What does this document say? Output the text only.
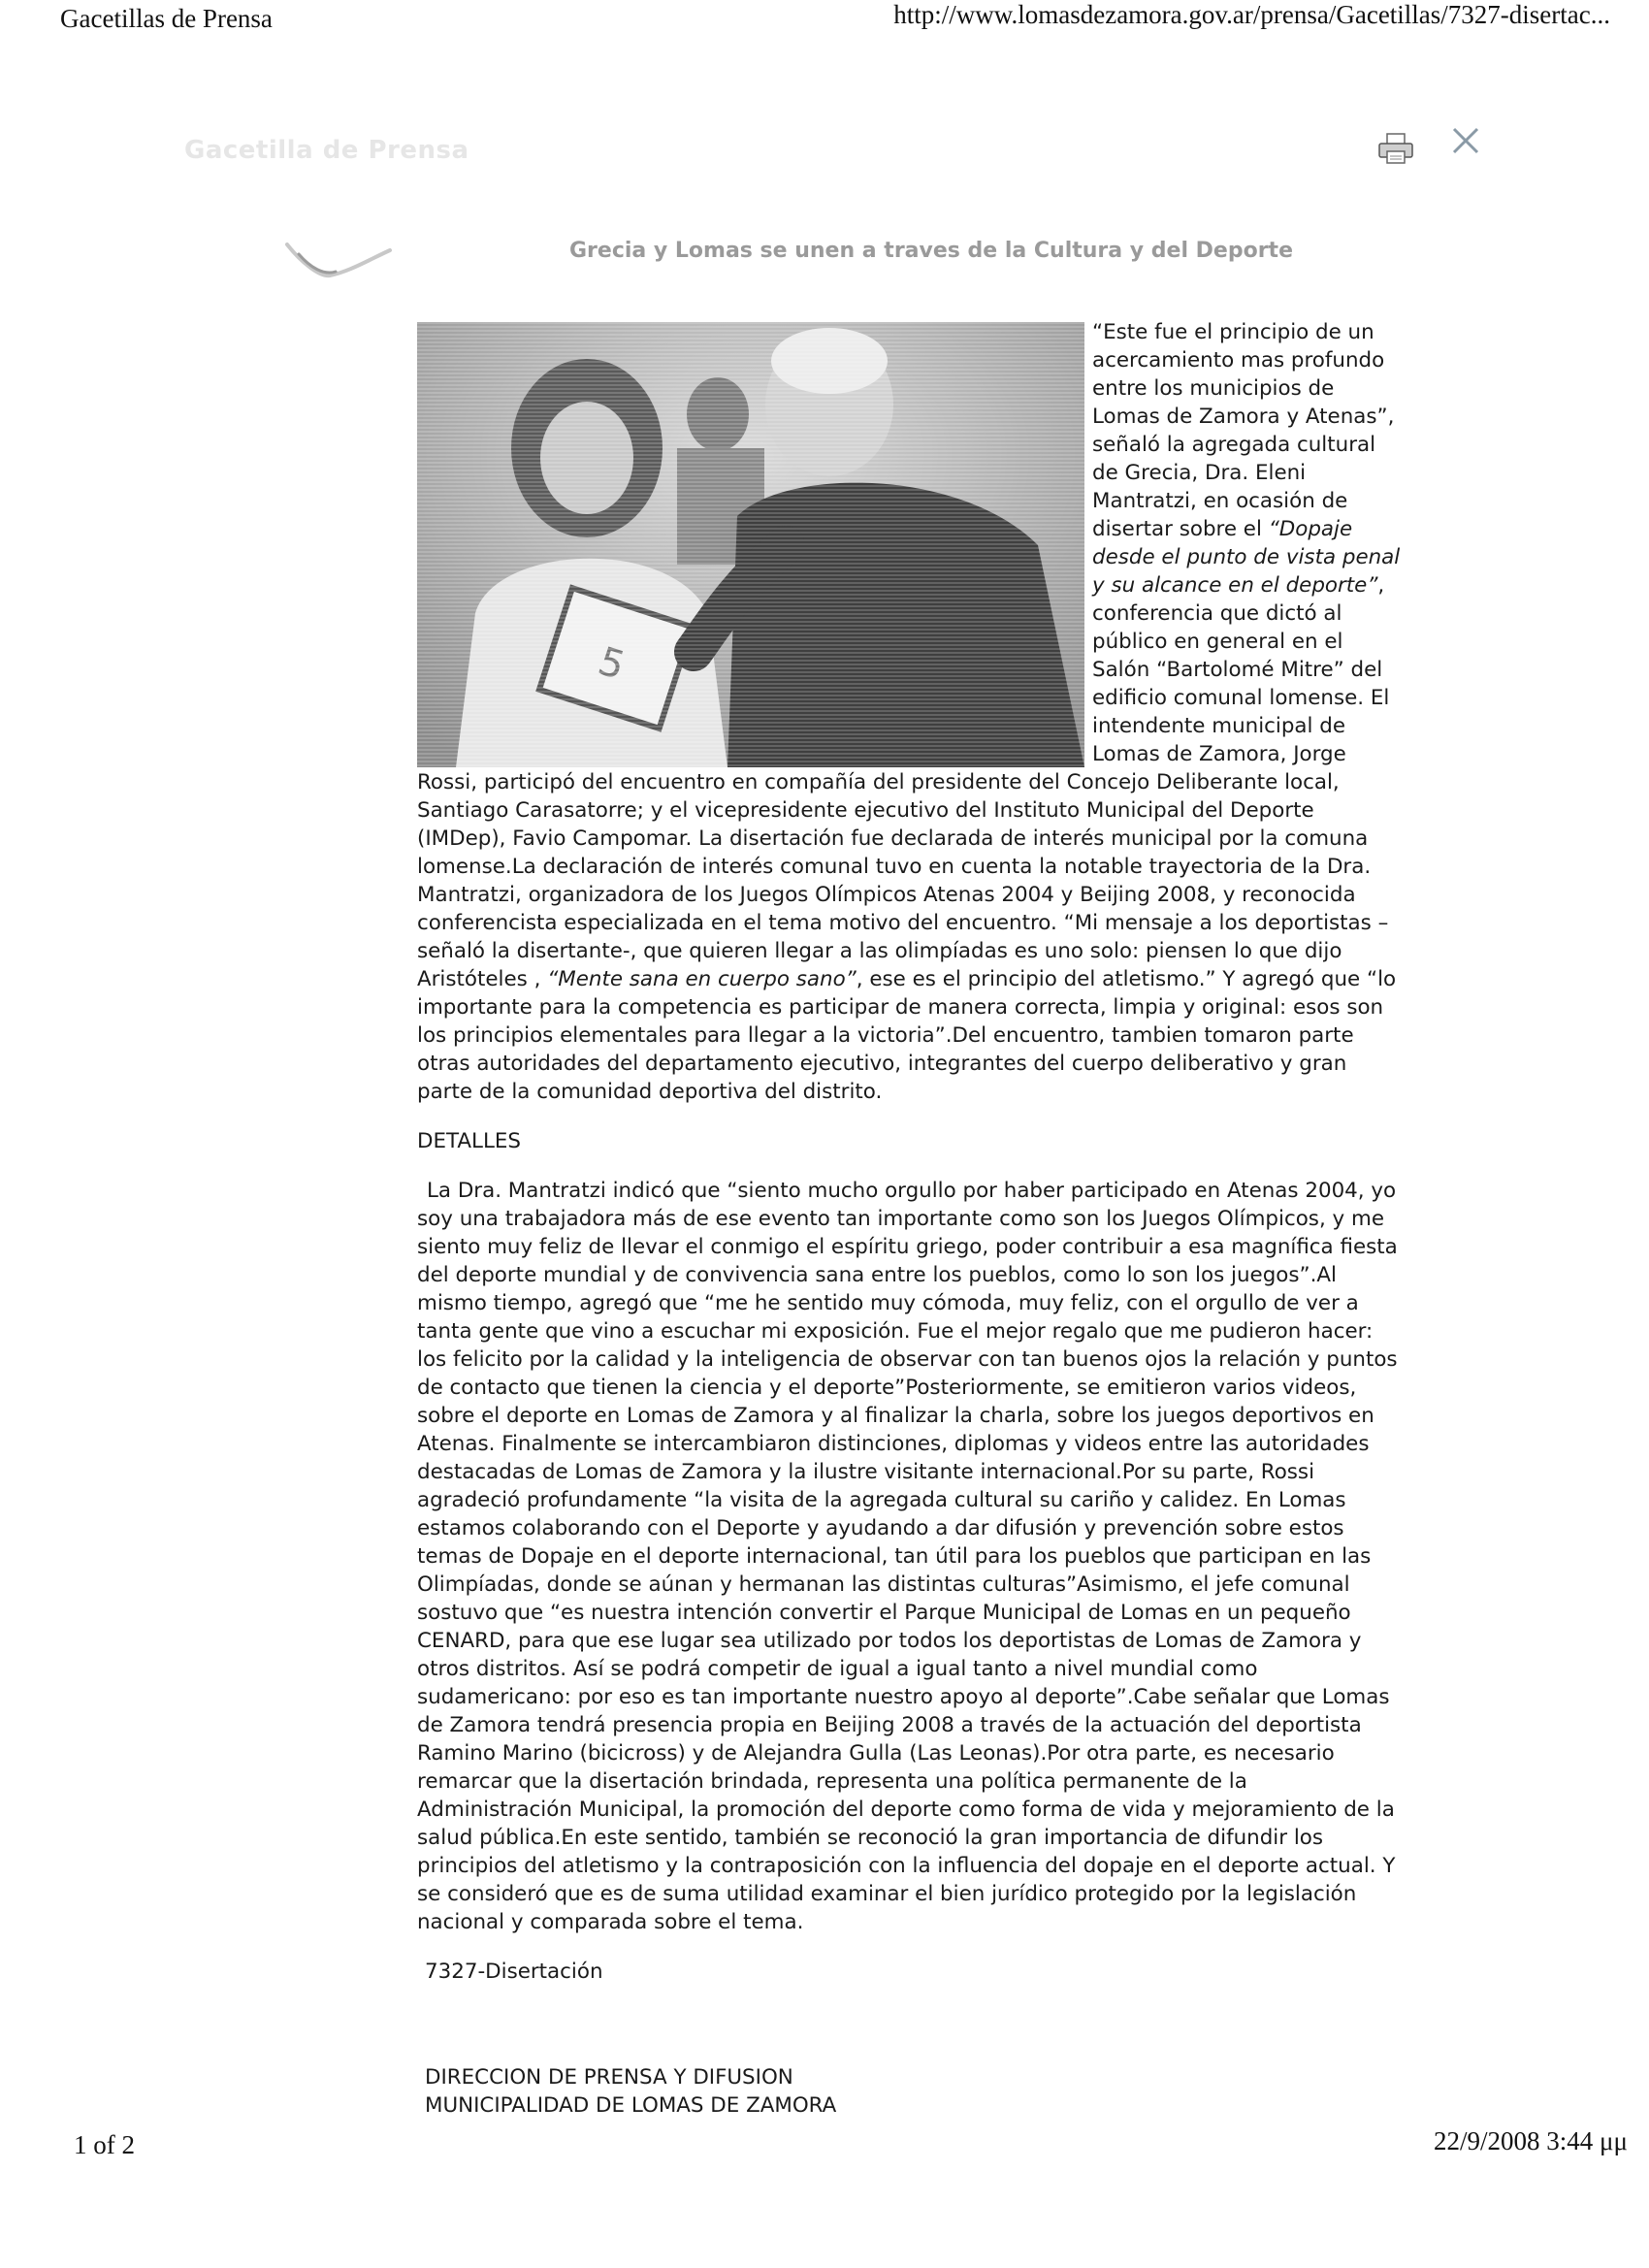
Gacetillas de Prensa	http://www.lomasdezamora.gov.ar/prensa/Gacetillas/7327-disertac...
Gacetilla de Prensa
Grecia y Lomas se unen a traves de la Cultura y del Deporte

“Este fue el principio de un acercamiento mas profundo entre los municipios de Lomas de Zamora y Atenas”, señaló la agregada cultural de Grecia, Dra. Eleni Mantratzi, en ocasión de disertar sobre el “Dopaje desde el punto de vista penal y su alcance en el deporte”, conferencia que dictó al público en general en el Salón “Bartolomé Mitre” del edificio comunal lomense. El intendente municipal de Lomas de Zamora, Jorge Rossi, participó del encuentro en compañía del presidente del Concejo Deliberante local, Santiago Carasatorre; y el vicepresidente ejecutivo del Instituto Municipal del Deporte (IMDep), Favio Campomar. La disertación fue declarada de interés municipal por la comuna lomense.La declaración de interés comunal tuvo en cuenta la notable trayectoria de la Dra. Mantratzi, organizadora de los Juegos Olímpicos Atenas 2004 y Beijing 2008, y reconocida conferencista especializada en el tema motivo del encuentro. “Mi mensaje a los deportistas –señaló la disertante-, que quieren llegar a las olimpíadas es uno solo: piensen lo que dijo Aristóteles , “Mente sana en cuerpo sano”, ese es el principio del atletismo.” Y agregó que “lo importante para la competencia es participar de manera correcta, limpia y original: esos son los principios elementales para llegar a la victoria”.Del encuentro, tambien tomaron parte otras autoridades del departamento ejecutivo, integrantes del cuerpo deliberativo y gran parte de la comunidad deportiva del distrito.

DETALLES

La Dra. Mantratzi indicó que “siento mucho orgullo por haber participado en Atenas 2004, yo soy una trabajadora más de ese evento tan importante como son los Juegos Olímpicos, y me siento muy feliz de llevar el conmigo el espíritu griego, poder contribuir a esa magnífica fiesta del deporte mundial y de convivencia sana entre los pueblos, como lo son los juegos”.Al mismo tiempo, agregó que “me he sentido muy cómoda, muy feliz, con el orgullo de ver a tanta gente que vino a escuchar mi exposición. Fue el mejor regalo que me pudieron hacer: los felicito por la calidad y la inteligencia de observar con tan buenos ojos la relación y puntos de contacto que tienen la ciencia y el deporte”Posteriormente, se emitieron varios videos, sobre el deporte en Lomas de Zamora y al finalizar la charla, sobre los juegos deportivos en Atenas. Finalmente se intercambiaron distinciones, diplomas y videos entre las autoridades destacadas de Lomas de Zamora y la ilustre visitante internacional.Por su parte, Rossi agradeció profundamente “la visita de la agregada cultural su cariño y calidez. En Lomas estamos colaborando con el Deporte y ayudando a dar difusión y prevención sobre estos temas de Dopaje en el deporte internacional, tan útil para los pueblos que participan en las Olimpíadas, donde se aúnan y hermanan las distintas culturas”Asimismo, el jefe comunal sostuvo que “es nuestra intención convertir el Parque Municipal de Lomas en un pequeño CENARD, para que ese lugar sea utilizado por todos los deportistas de Lomas de Zamora y otros distritos. Así se podrá competir de igual a igual tanto a nivel mundial como sudamericano: por eso es tan importante nuestro apoyo al deporte”.Cabe señalar que Lomas de Zamora tendrá presencia propia en Beijing 2008 a través de la actuación del deportista Ramino Marino (bicicross) y de Alejandra Gulla (Las Leonas).Por otra parte, es necesario remarcar que la disertación brindada, representa una política permanente de la Administración Municipal, la promoción del deporte como forma de vida y mejoramiento de la salud pública.En este sentido, también se reconoció la gran importancia de difundir los principios del atletismo y la contraposición con la influencia del dopaje en el deporte actual. Y se consideró que es de suma utilidad examinar el bien jurídico protegido por la legislación nacional y comparada sobre el tema.

7327-Disertación

DIRECCION DE PRENSA Y DIFUSION
MUNICIPALIDAD DE LOMAS DE ZAMORA

1 of 2	22/9/2008 3:44 μμ
